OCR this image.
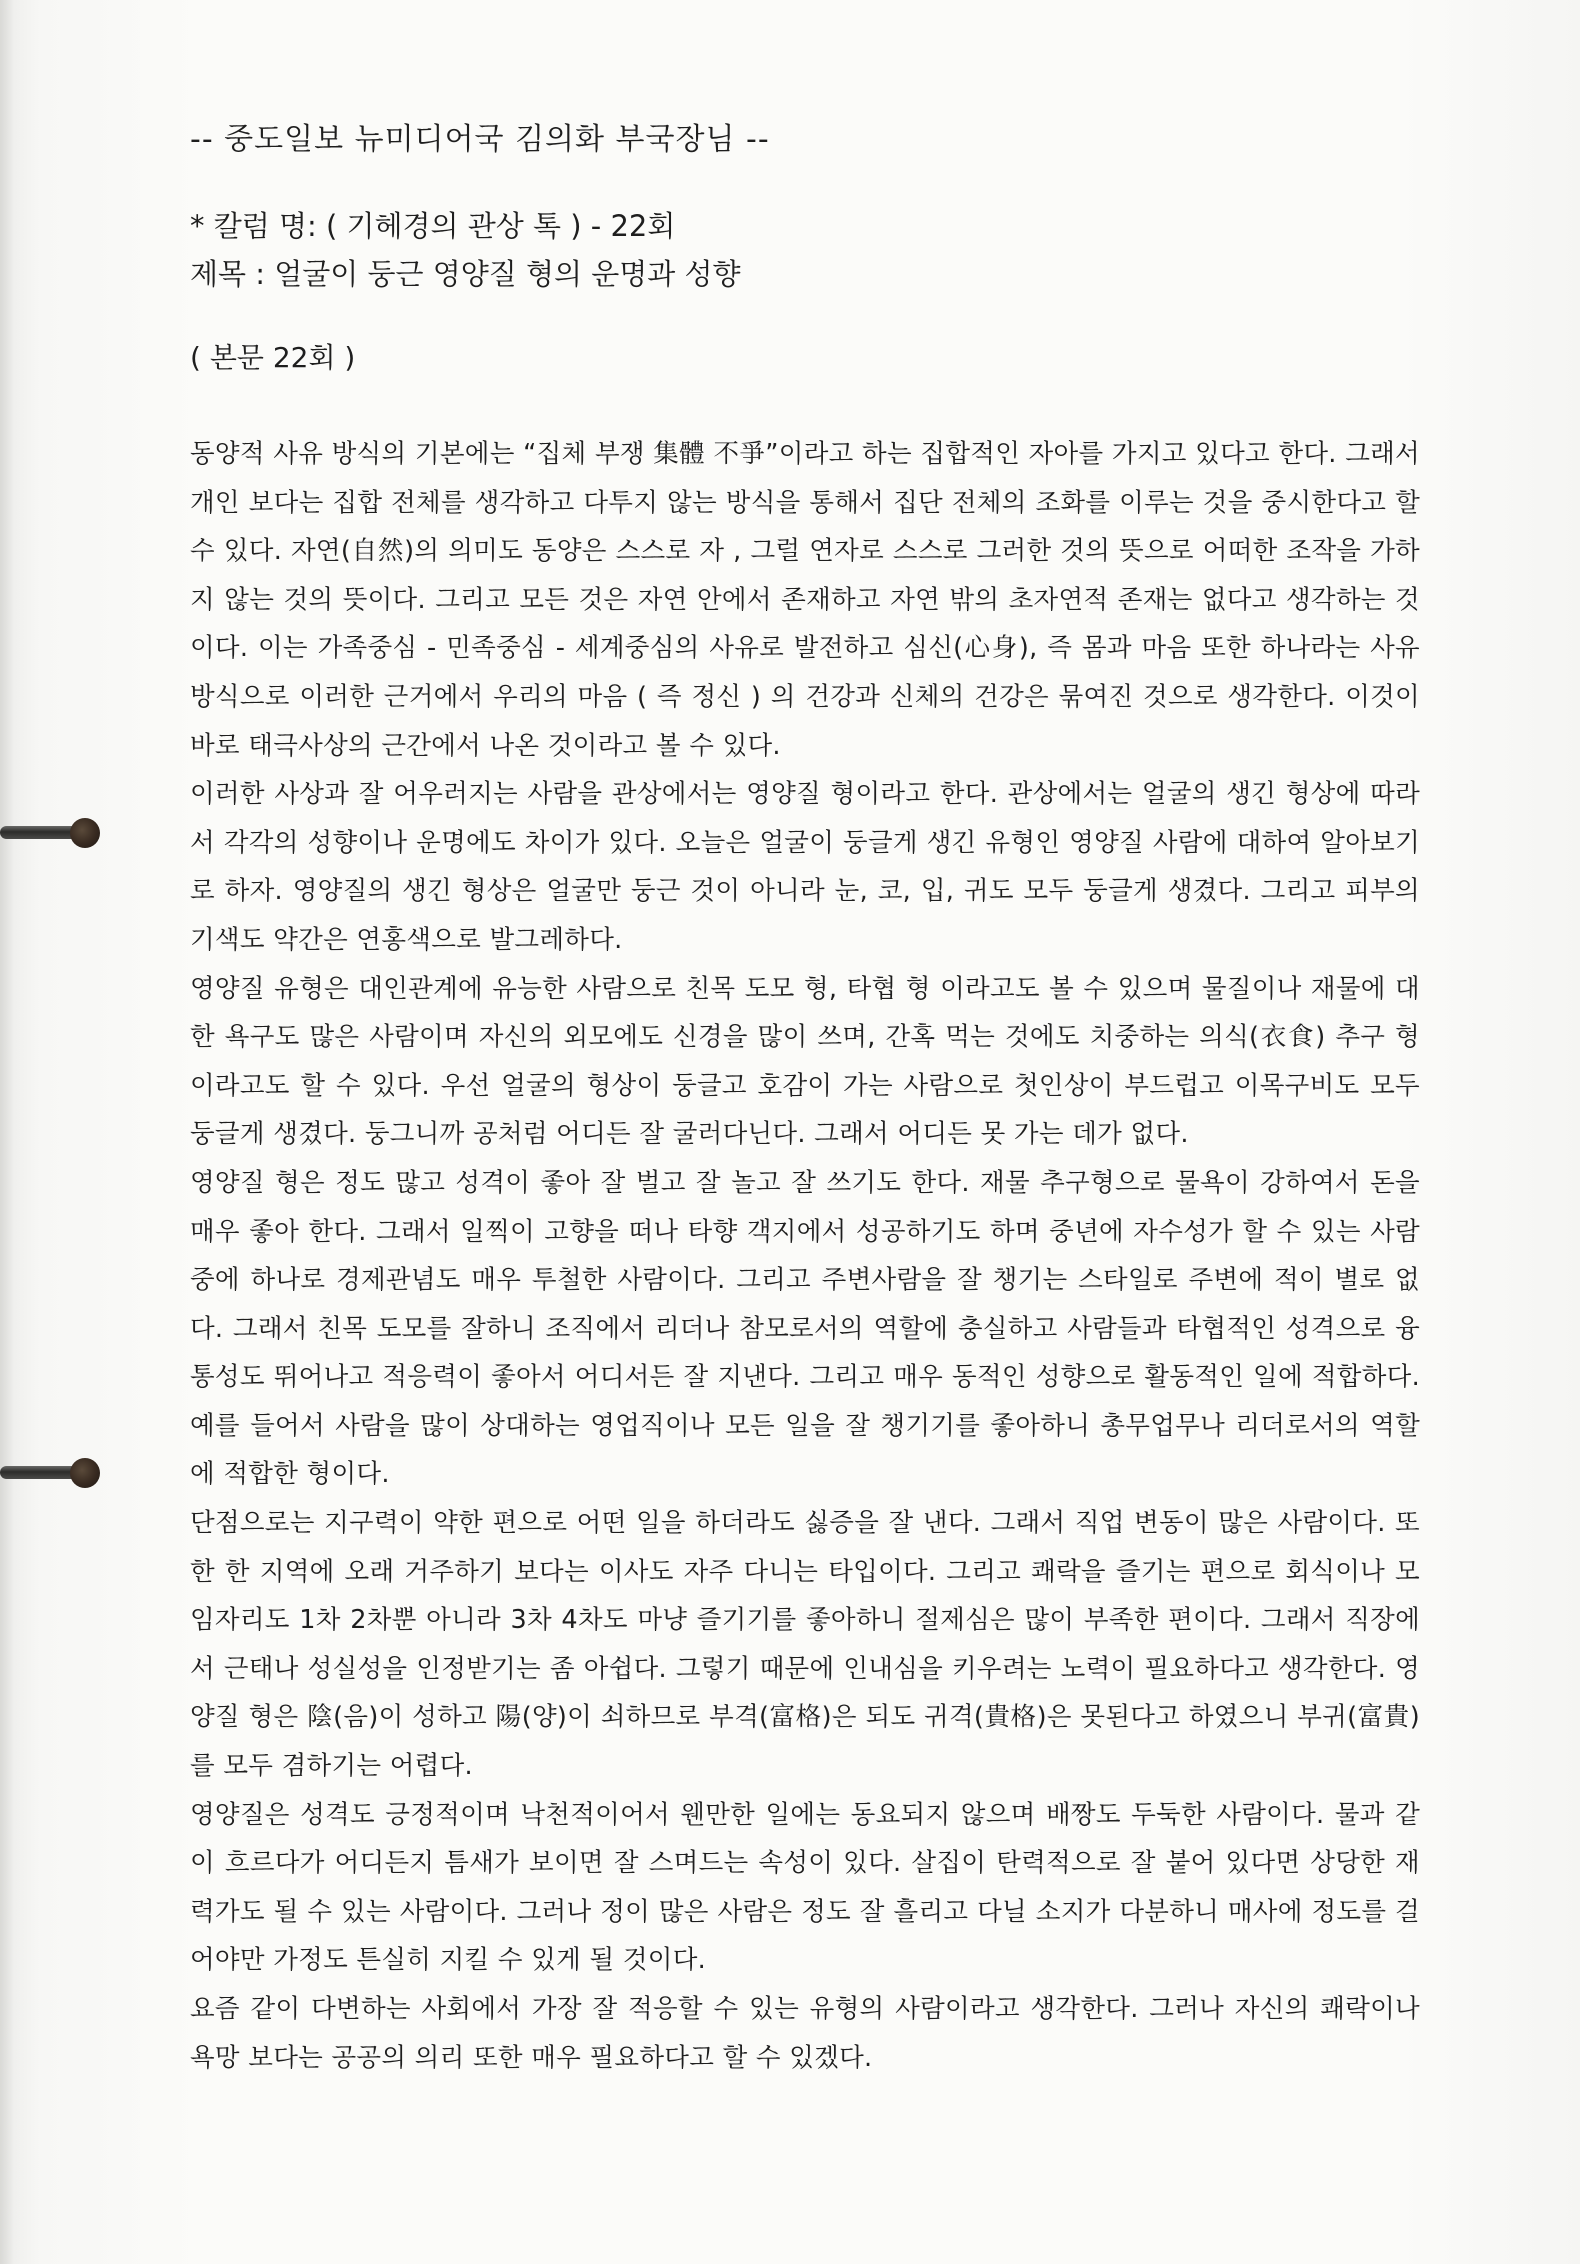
-- 중도일보 뉴미디어국 김의화 부국장님 --
* 칼럼 명: ( 기헤경의 관상 톡 ) - 22회
제목 : 얼굴이 둥근 영양질 형의 운명과 성향
( 본문 22회 )

동양적 사유 방식의 기본에는 “집체 부쟁 集體 不爭”이라고 하는 집합적인 자아를 가지고 있다고 한다. 그래서 개인 보다는 집합 전체를 생각하고 다투지 않는 방식을 통해서 집단 전체의 조화를 이루는 것을 중시한다고 할 수 있다. 자연(自然)의 의미도 동양은 스스로 자 , 그럴 연자로 스스로 그러한 것의 뜻으로 어떠한 조작을 가하지 않는 것의 뜻이다. 그리고 모든 것은 자연 안에서 존재하고 자연 밖의 초자연적 존재는 없다고 생각하는 것이다. 이는 가족중심 - 민족중심 - 세계중심의 사유로 발전하고 심신(心身), 즉 몸과 마음 또한 하나라는 사유방식으로 이러한 근거에서 우리의 마음 ( 즉 정신 ) 의 건강과 신체의 건강은 묶여진 것으로 생각한다. 이것이 바로 태극사상의 근간에서 나온 것이라고 볼 수 있다.

이러한 사상과 잘 어우러지는 사람을 관상에서는 영양질 형이라고 한다. 관상에서는 얼굴의 생긴 형상에 따라서 각각의 성향이나 운명에도 차이가 있다. 오늘은 얼굴이 둥글게 생긴 유형인 영양질 사람에 대하여 알아보기로 하자. 영양질의 생긴 형상은 얼굴만 둥근 것이 아니라 눈, 코, 입, 귀도 모두 둥글게 생겼다. 그리고 피부의 기색도 약간은 연홍색으로 발그레하다.

영양질 유형은 대인관계에 유능한 사람으로 친목 도모 형, 타협 형 이라고도 볼 수 있으며 물질이나 재물에 대한 욕구도 많은 사람이며 자신의 외모에도 신경을 많이 쓰며, 간혹 먹는 것에도 치중하는 의식(衣食) 추구 형 이라고도 할 수 있다. 우선 얼굴의 형상이 둥글고 호감이 가는 사람으로 첫인상이 부드럽고 이목구비도 모두 둥글게 생겼다. 둥그니까 공처럼 어디든 잘 굴러다닌다. 그래서 어디든 못 가는 데가 없다.

영양질 형은 정도 많고 성격이 좋아 잘 벌고 잘 놀고 잘 쓰기도 한다. 재물 추구형으로 물욕이 강하여서 돈을 매우 좋아 한다. 그래서 일찍이 고향을 떠나 타향 객지에서 성공하기도 하며 중년에 자수성가 할 수 있는 사람 중에 하나로 경제관념도 매우 투철한 사람이다. 그리고 주변사람을 잘 챙기는 스타일로 주변에 적이 별로 없다. 그래서 친목 도모를 잘하니 조직에서 리더나 참모로서의 역할에 충실하고 사람들과 타협적인 성격으로 융통성도 뛰어나고 적응력이 좋아서 어디서든 잘 지낸다. 그리고 매우 동적인 성향으로 활동적인 일에 적합하다. 예를 들어서 사람을 많이 상대하는 영업직이나 모든 일을 잘 챙기기를 좋아하니 총무업무나 리더로서의 역할에 적합한 형이다.

단점으로는 지구력이 약한 편으로 어떤 일을 하더라도 싫증을 잘 낸다. 그래서 직업 변동이 많은 사람이다. 또한 한 지역에 오래 거주하기 보다는 이사도 자주 다니는 타입이다. 그리고 쾌락을 즐기는 편으로 회식이나 모임자리도 1차 2차뿐 아니라 3차 4차도 마냥 즐기기를 좋아하니 절제심은 많이 부족한 편이다. 그래서 직장에서 근태나 성실성을 인정받기는 좀 아쉽다. 그렇기 때문에 인내심을 키우려는 노력이 필요하다고 생각한다. 영양질 형은 陰(음)이 성하고 陽(양)이 쇠하므로 부격(富格)은 되도 귀격(貴格)은 못된다고 하였으니 부귀(富貴)를 모두 겸하기는 어렵다.

영양질은 성격도 긍정적이며 낙천적이어서 웬만한 일에는 동요되지 않으며 배짱도 두둑한 사람이다. 물과 같이 흐르다가 어디든지 틈새가 보이면 잘 스며드는 속성이 있다. 살집이 탄력적으로 잘 붙어 있다면 상당한 재력가도 될 수 있는 사람이다. 그러나 정이 많은 사람은 정도 잘 흘리고 다닐 소지가 다분하니 매사에 정도를 걸어야만 가정도 튼실히 지킬 수 있게 될 것이다.

요즘 같이 다변하는 사회에서 가장 잘 적응할 수 있는 유형의 사람이라고 생각한다. 그러나 자신의 쾌락이나 욕망 보다는 공공의 의리 또한 매우 필요하다고 할 수 있겠다.
